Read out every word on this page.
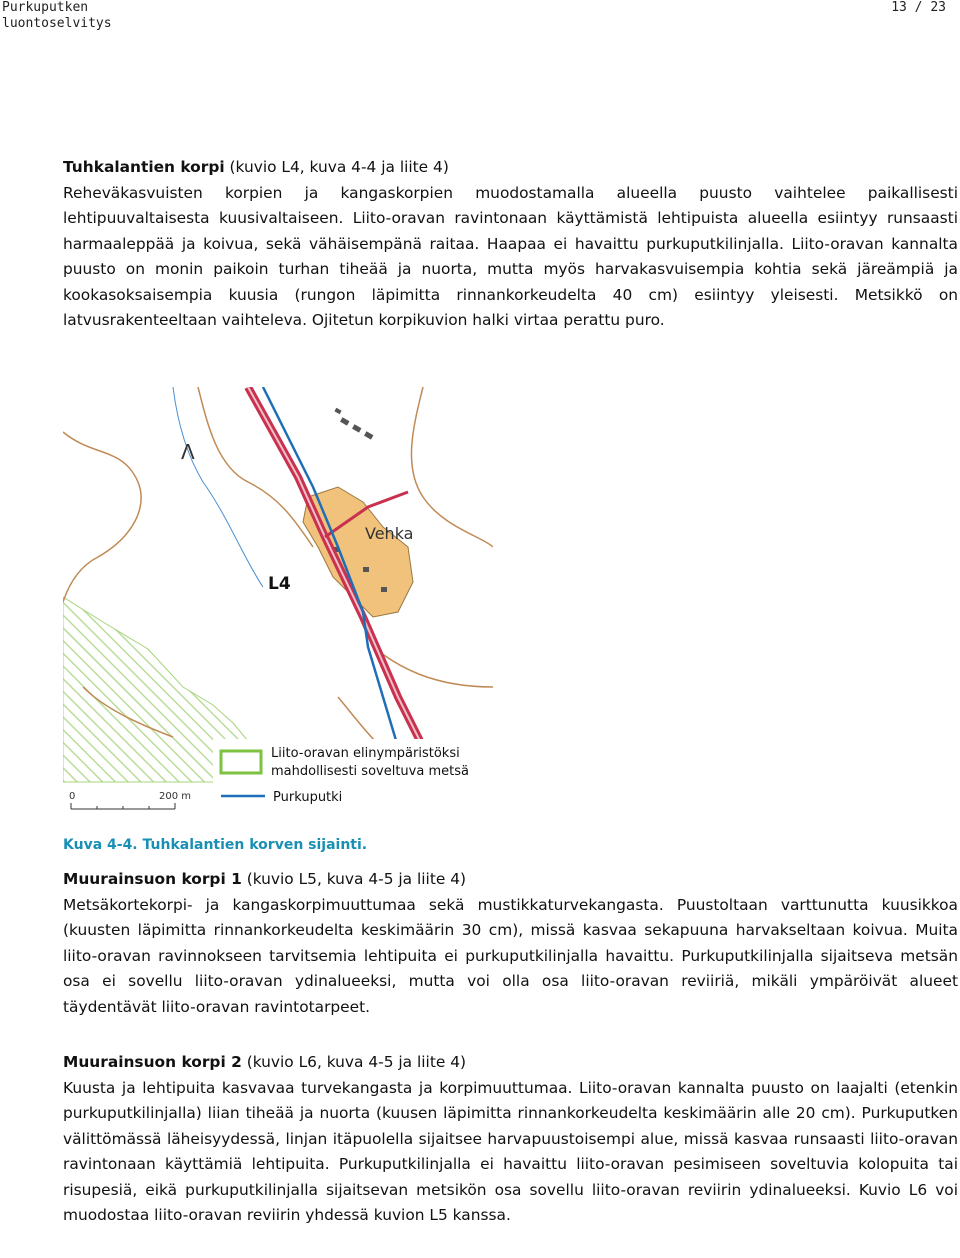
Purkuputken
luontoselvitys
13 / 23

Tuhkalantien korpi (kuvio L4, kuva 4-4 ja liite 4)

Reheväkasvuisten korpien ja kangaskorpien muodostamalla alueella puusto vaihtelee paikallisesti lehtipuuvaltaisesta kuusivaltaiseen. Liito-oravan ravintonaan käyttämistä lehtipuista alueella esiintyy runsaasti harmaaleppää ja koivua, sekä vähäisempänä raitaa. Haapaa ei havaittu purkuputkilinjalla. Liito-oravan kannalta puusto on monin paikoin turhan tiheää ja nuorta, mutta myös harvakasvuisempia kohtia sekä järeämpiä ja kookasoksaisempia kuusia (rungon läpimitta rinnankorkeudelta 40 cm) esiintyy yleisesti. Metsikkö on latvusrakenteeltaan vaihteleva. Ojitetun korpikuvion halki virtaa perattu puro.

Λ
Vehka
L4
Liito-oravan elinympäristöksi
mahdollisesti soveltuva metsä
Purkuputki
0	200 m
Kuva 4-4. Tuhkalantien korven sijainti.

Muurainsuon korpi 1 (kuvio L5, kuva 4-5 ja liite 4)

Metsäkortekorpi- ja kangaskorpimuuttumaa sekä mustikkaturvekangasta. Puustoltaan varttunutta kuusikkoa (kuusten läpimitta rinnankorkeudelta keskimäärin 30 cm), missä kasvaa sekapuuna harvakseltaan koivua. Muita liito-oravan ravinnokseen tarvitsemia lehtipuita ei purkuputkilinjalla havaittu. Purkuputkilinjalla sijaitseva metsän osa ei sovellu liito-oravan ydinalueeksi, mutta voi olla osa liito-oravan reviiriä, mikäli ympäröivät alueet täydentävät liito-oravan ravintotarpeet.

Muurainsuon korpi 2 (kuvio L6, kuva 4-5 ja liite 4)

Kuusta ja lehtipuita kasvavaa turvekangasta ja korpimuuttumaa. Liito-oravan kannalta puusto on laajalti (etenkin purkuputkilinjalla) liian tiheää ja nuorta (kuusen läpimitta rinnankorkeudelta keskimäärin alle 20 cm). Purkuputken välittömässä läheisyydessä, linjan itäpuolella sijaitsee harvapuustoisempi alue, missä kasvaa runsaasti liito-oravan ravintonaan käyttämiä lehtipuita. Purkuputkilinjalla ei havaittu liito-oravan pesimiseen soveltuvia kolopuita tai risupesiä, eikä purkuputkilinjalla sijaitsevan metsikön osa sovellu liito-oravan reviirin ydinalueeksi. Kuvio L6 voi muodostaa liito-oravan reviirin yhdessä kuvion L5 kanssa.
